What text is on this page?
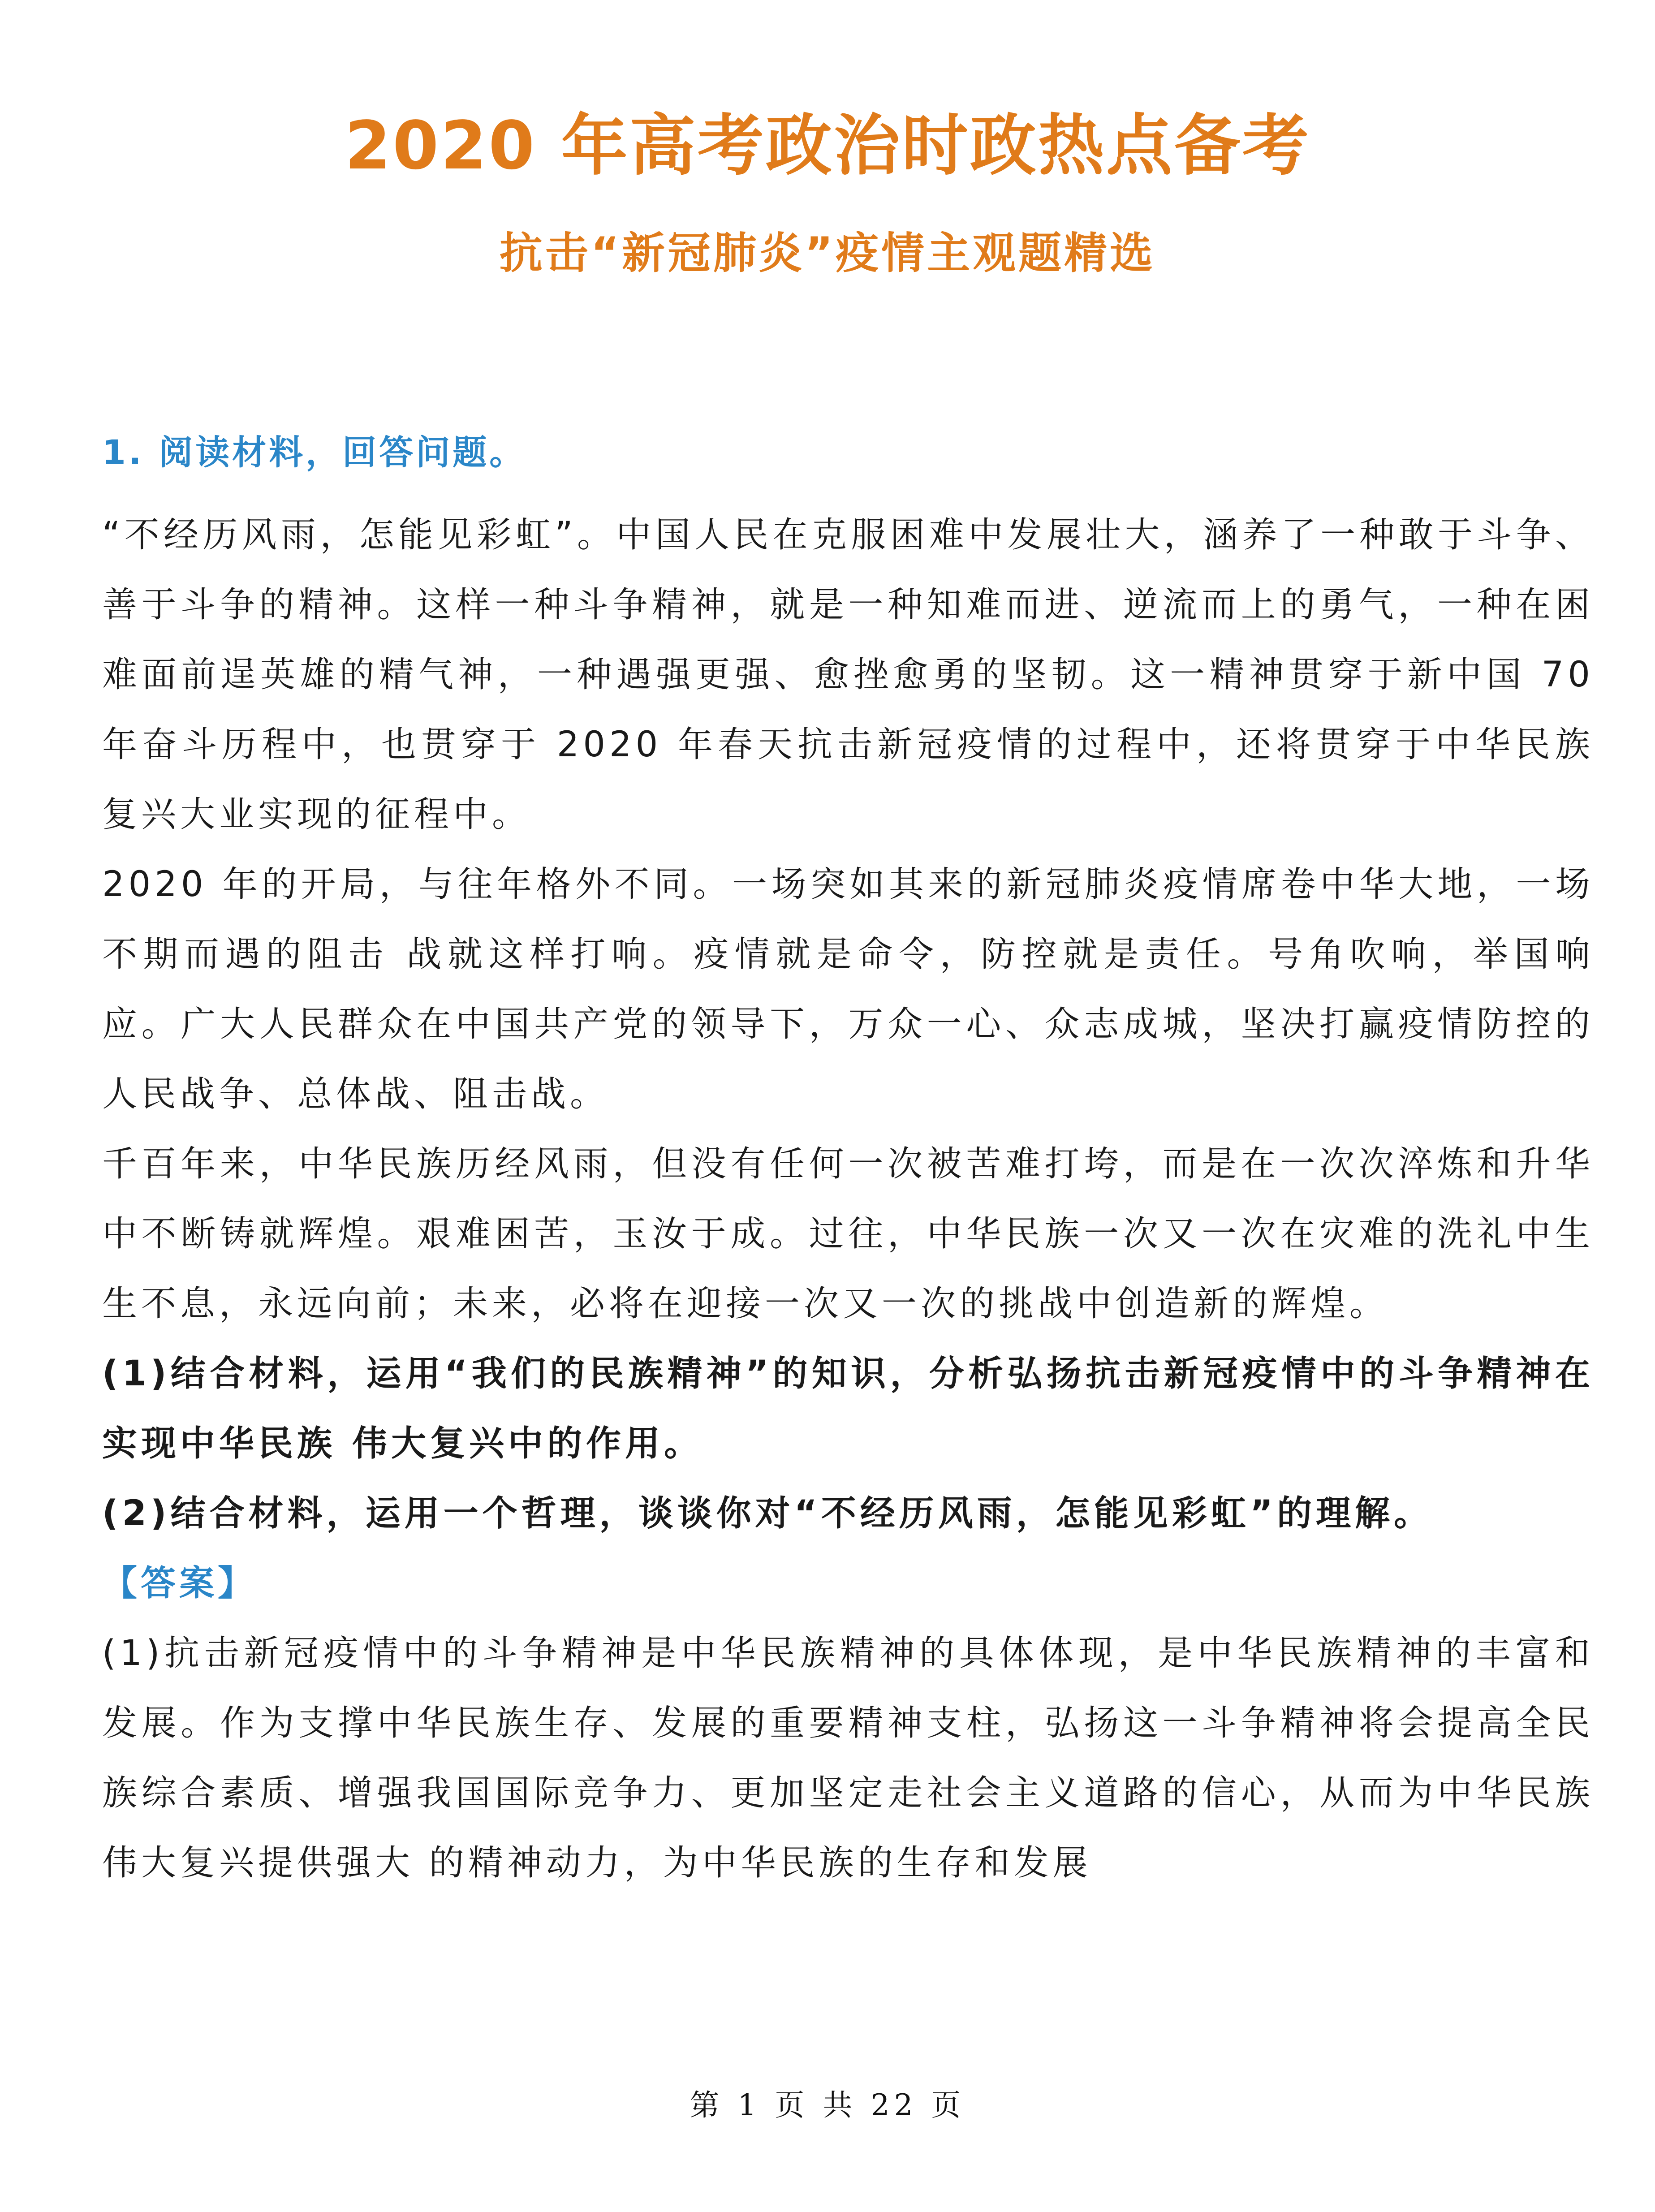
2020 年高考政治时政热点备考
抗击“新冠肺炎”疫情主观题精选
1. 阅读材料，回答问题。

“不经历风雨，怎能见彩虹”。中国人民在克服困难中发展壮大，涵养了一种敢于斗争、善于斗争的精神。这样一种斗争精神，就是一种知难而进、逆流而上的勇气，一种在困难面前逞英雄的精气神，一种遇强更强、愈挫愈勇的坚韧。这一精神贯穿于新中国 70 年奋斗历程中，也贯穿于 2020 年春天抗击新冠疫情的过程中，还将贯穿于中华民族复兴大业实现的征程中。

2020 年的开局，与往年格外不同。一场突如其来的新冠肺炎疫情席卷中华大地，一场不期而遇的阻击 战就这样打响。疫情就是命令，防控就是责任。号角吹响，举国响应。广大人民群众在中国共产党的领导下，万众一心、众志成城，坚决打赢疫情防控的人民战争、总体战、阻击战。

千百年来，中华民族历经风雨，但没有任何一次被苦难打垮，而是在一次次淬炼和升华中不断铸就辉煌。艰难困苦，玉汝于成。过往，中华民族一次又一次在灾难的洗礼中生生不息，永远向前；未来，必将在迎接一次又一次的挑战中创造新的辉煌。

(1)结合材料，运用“我们的民族精神”的知识，分析弘扬抗击新冠疫情中的斗争精神在实现中华民族 伟大复兴中的作用。

(2)结合材料，运用一个哲理，谈谈你对“不经历风雨，怎能见彩虹”的理解。

【答案】

(1)抗击新冠疫情中的斗争精神是中华民族精神的具体体现，是中华民族精神的丰富和发展。作为支撑中华民族生存、发展的重要精神支柱，弘扬这一斗争精神将会提高全民族综合素质、增强我国国际竞争力、更加坚定走社会主义道路的信心，从而为中华民族伟大复兴提供强大 的精神动力，为中华民族的生存和发展

第 1 页 共 22 页
